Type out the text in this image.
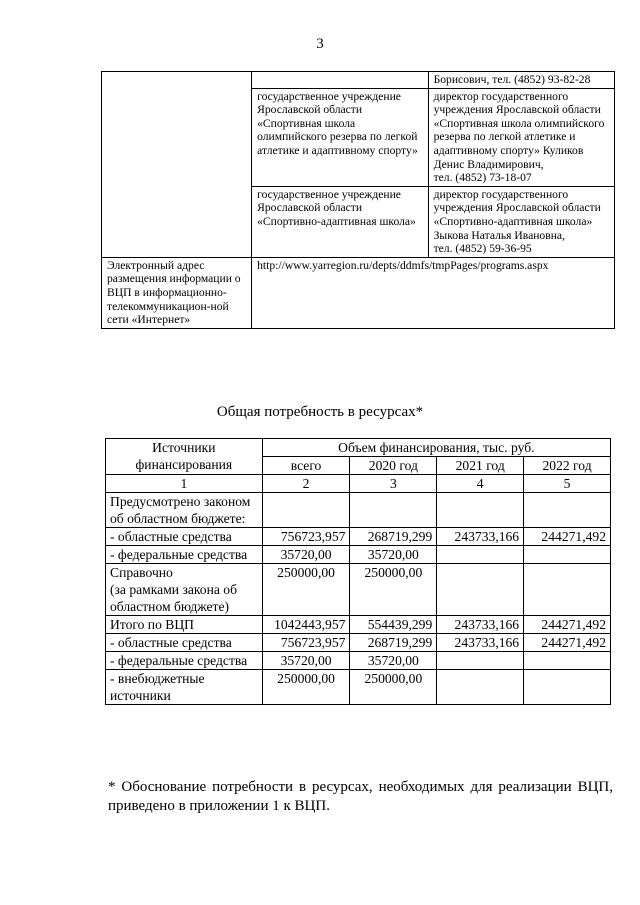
3
		Борисович, тел. (4852) 93-82-28
	государственное учреждение Ярославской области «Спортивная школа олимпийского резерва по легкой атлетике и адаптивному спорту»	директор государственного учреждения Ярославской области «Спортивная школа олимпийского резерва по легкой атлетике и адаптивному спорту» Куликов Денис Владимирович,
тел. (4852) 73-18-07
	государственное учреждение Ярославской области «Спортивно-адаптивная школа»	директор государственного учреждения Ярославской области «Спортивно-адаптивная школа» Зыкова Наталья Ивановна,
тел. (4852) 59-36-95
Электронный адрес размещения информации о ВЦП в информационно-телекоммуникацион-ной сети «Интернет»	http://www.yarregion.ru/depts/ddmfs/tmpPages/programs.aspx	
Общая потребность в ресурсах*
Источники финансирования	Объем финансирования, тыс. руб.			
	всего	2020 год	2021 год	2022 год
1	2	3	4	5
Предусмотрено законом об областном бюджете:				
- областные средства	756723,957	268719,299	243733,166	244271,492
- федеральные средства	35720,00	35720,00		
Справочно
(за рамками закона об областном бюджете)	250000,00	250000,00		
Итого по ВЦП	1042443,957	554439,299	243733,166	244271,492
- областные средства	756723,957	268719,299	243733,166	244271,492
- федеральные средства	35720,00	35720,00		
- внебюджетные источники	250000,00	250000,00		
* Обоснование потребности в ресурсах, необходимых для реализации ВЦП, приведено в приложении 1 к ВЦП.
